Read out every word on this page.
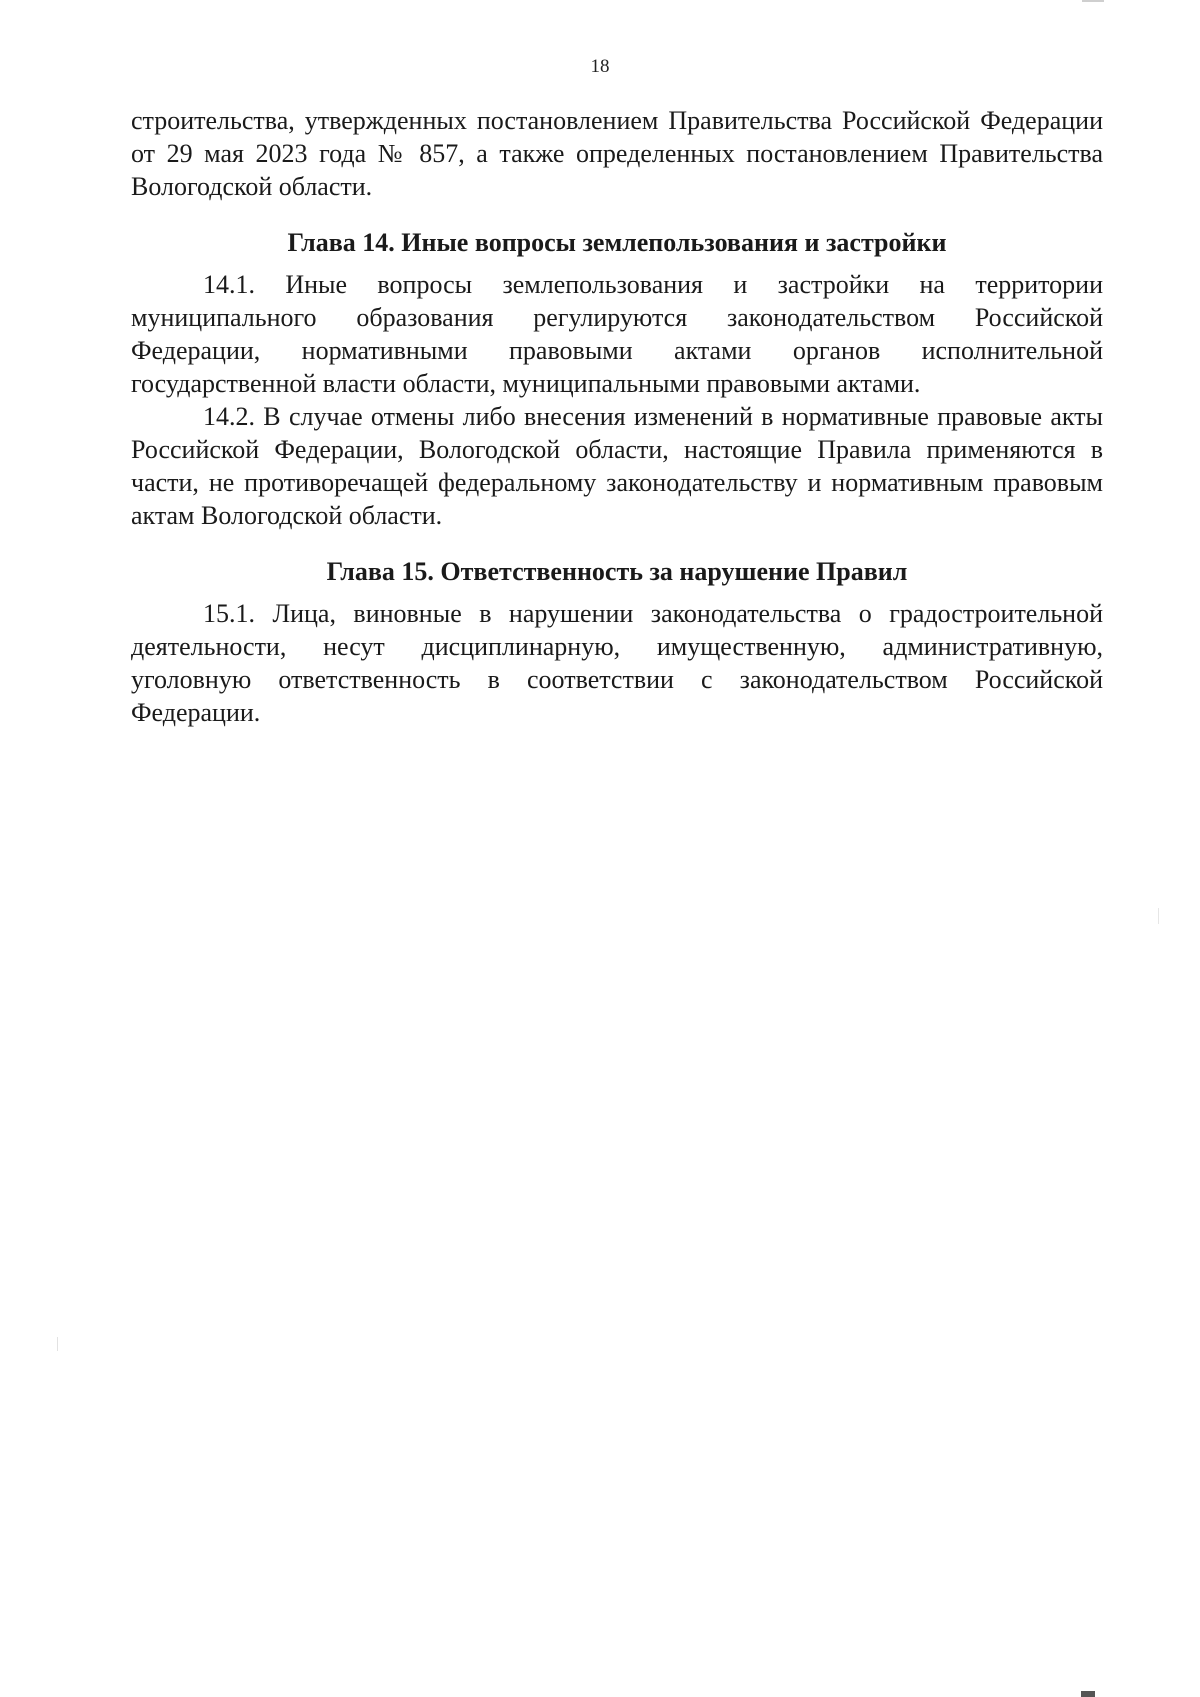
18

строительства, утвержденных постановлением Правительства Российской Федерации от 29 мая 2023 года № 857, а также определенных постановлением Правительства Вологодской области.

Глава 14. Иные вопросы землепользования и застройки

14.1. Иные вопросы землепользования и застройки на территории муниципального образования регулируются законодательством Российской Федерации, нормативными правовыми актами органов исполнительной государственной власти области, муниципальными правовыми актами.

14.2. В случае отмены либо внесения изменений в нормативные правовые акты Российской Федерации, Вологодской области, настоящие Правила применяются в части, не противоречащей федеральному законодательству и нормативным правовым актам Вологодской области.

Глава 15. Ответственность за нарушение Правил

15.1. Лица, виновные в нарушении законодательства о градостроительной деятельности, несут дисциплинарную, имущественную, административную, уголовную ответственность в соответствии с законодательством Российской Федерации.
